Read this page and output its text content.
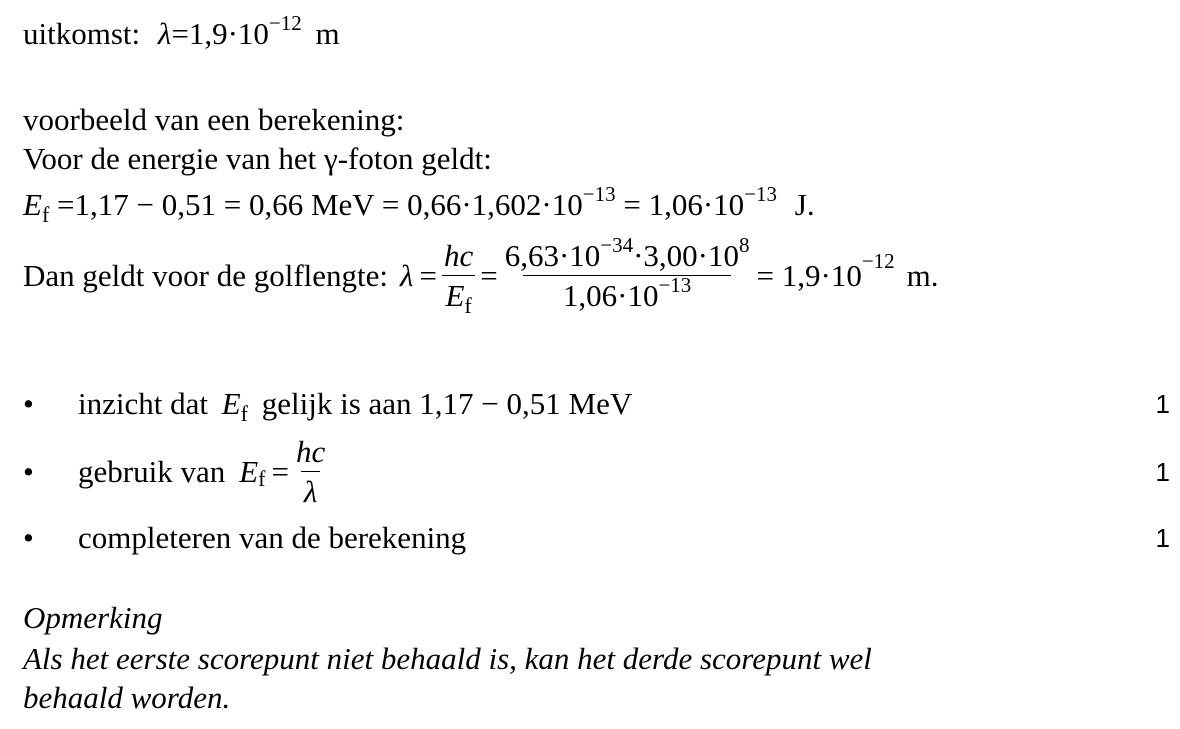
uitkomst: $\lambda=1,9\cdot 10^{-12}$ m
voorbeeld van een berekening:
Voor de energie van het γ-foton geldt:
$E_f =1,17 - 0,51 = 0,66$ MeV = $0,66\cdot 1,602\cdot 10^{-13} = 1,06\cdot 10^{-13}$ J.
Dan geldt voor de golflengte: $\lambda = \frac{hc}{E_f} = \frac{6,63\cdot 10^{-34}\cdot 3,00\cdot 10^8}{1,06\cdot 10^{-13}} = 1,9\cdot 10 -12$ m.
• inzicht dat $E_f$ gelijk is aan 1,17 − 0,51 MeV	1
• gebruik van E $f = \frac{hc}{\lambda}$	1
• completeren van de berekening	1
Opmerking
Als het eerste scorepunt niet behaald is, kan het derde scorepunt wel
behaald worden.
